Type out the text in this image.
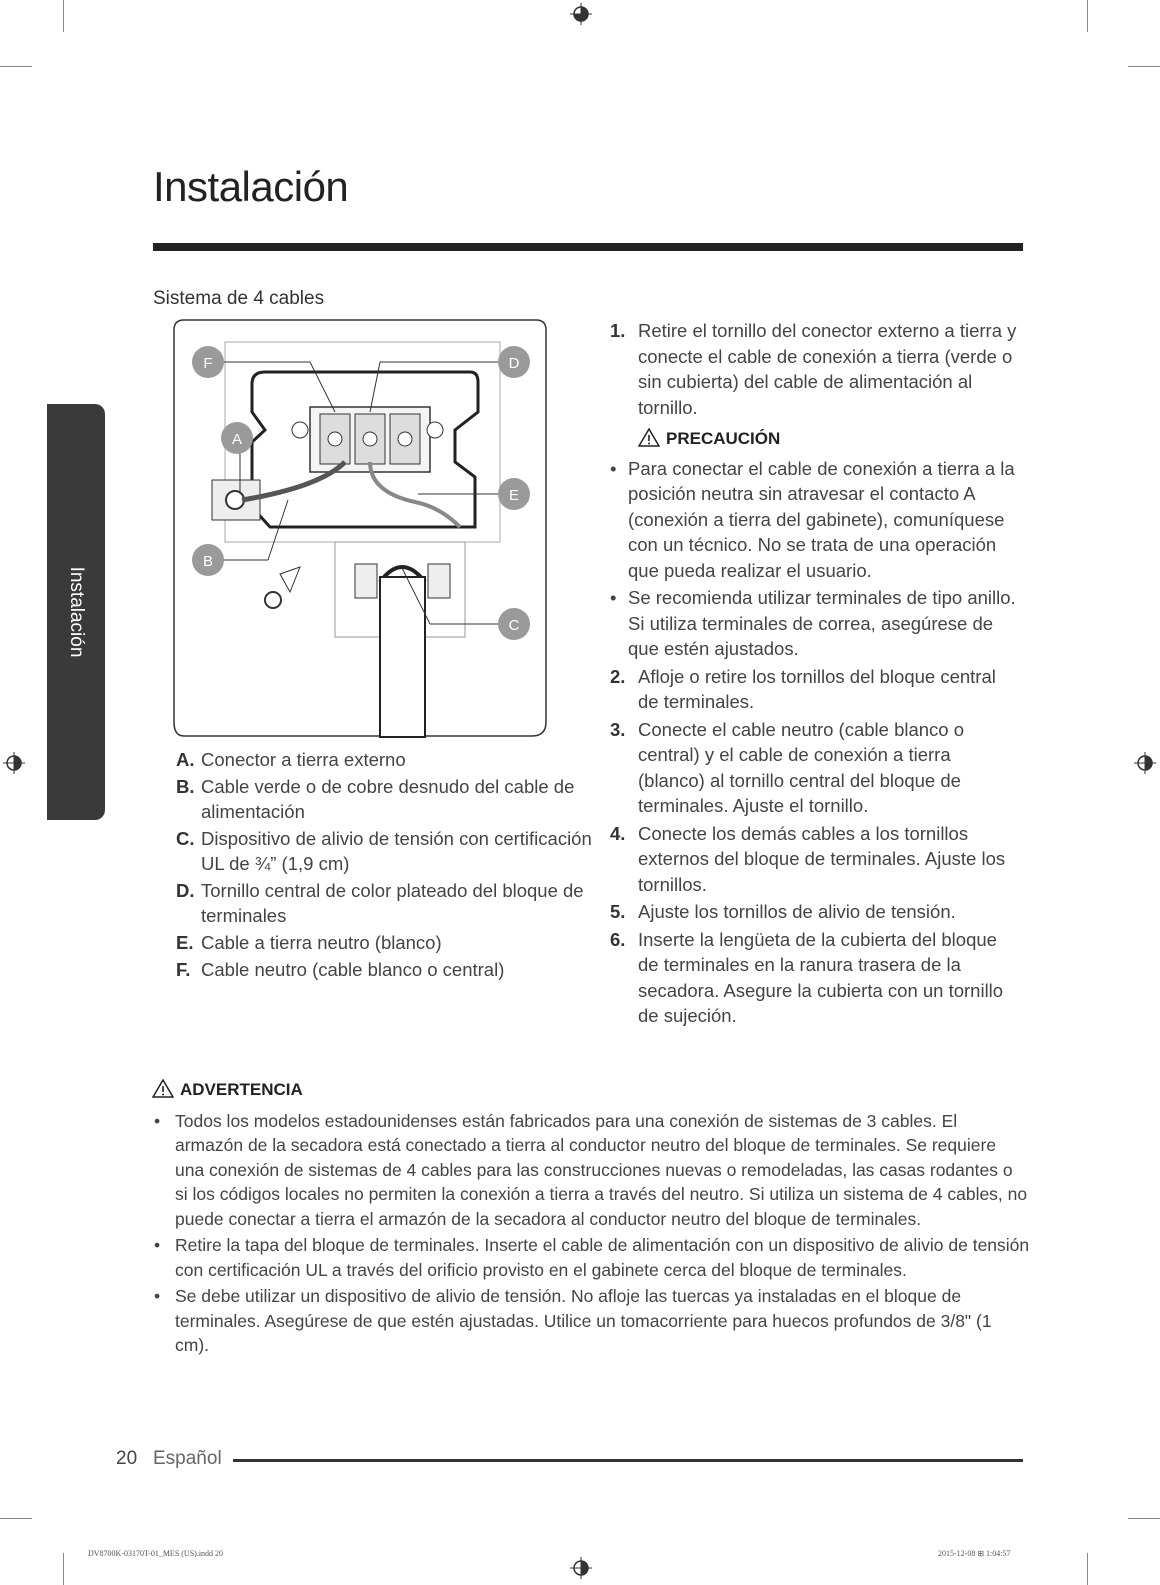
Instalación
Instalación
Sistema de 4 cables
F	D
A
E
B
C
A. Conector a tierra externo
B. Cable verde o de cobre desnudo del cable de alimentación
C. Dispositivo de alivio de tensión con certificación UL de ¾” (1,9 cm)
D. Tornillo central de color plateado del bloque de terminales
E. Cable a tierra neutro (blanco)
F. Cable neutro (cable blanco o central)
1. Retire el tornillo del conector externo a tierra y conecte el cable de conexión a tierra (verde o sin cubierta) del cable de alimentación al tornillo.
PRECAUCIÓN
• Para conectar el cable de conexión a tierra a la posición neutra sin atravesar el contacto A (conexión a tierra del gabinete), comuníquese con un técnico. No se trata de una operación que pueda realizar el usuario.
• Se recomienda utilizar terminales de tipo anillo. Si utiliza terminales de correa, asegúrese de que estén ajustados.
2. Afloje o retire los tornillos del bloque central de terminales.
3. Conecte el cable neutro (cable blanco o central) y el cable de conexión a tierra (blanco) al tornillo central del bloque de terminales. Ajuste el tornillo.
4. Conecte los demás cables a los tornillos externos del bloque de terminales. Ajuste los tornillos.
5. Ajuste los tornillos de alivio de tensión.
6. Inserte la lengüeta de la cubierta del bloque de terminales en la ranura trasera de la secadora. Asegure la cubierta con un tornillo de sujeción.
ADVERTENCIA
• Todos los modelos estadounidenses están fabricados para una conexión de sistemas de 3 cables. El armazón de la secadora está conectado a tierra al conductor neutro del bloque de terminales. Se requiere una conexión de sistemas de 4 cables para las construcciones nuevas o remodeladas, las casas rodantes o si los códigos locales no permiten la conexión a tierra a través del neutro. Si utiliza un sistema de 4 cables, no puede conectar a tierra el armazón de la secadora al conductor neutro del bloque de terminales.
• Retire la tapa del bloque de terminales. Inserte el cable de alimentación con un dispositivo de alivio de tensión con certificación UL a través del orificio provisto en el gabinete cerca del bloque de terminales.
• Se debe utilizar un dispositivo de alivio de tensión. No afloje las tuercas ya instaladas en el bloque de terminales. Asegúrese de que estén ajustadas. Utilice un tomacorriente para huecos profundos de 3/8" (1 cm).
20 Español
DV8700K-03170T-01_MES (US).indd 20	2015-12-08 ⊞ 1:04:57
